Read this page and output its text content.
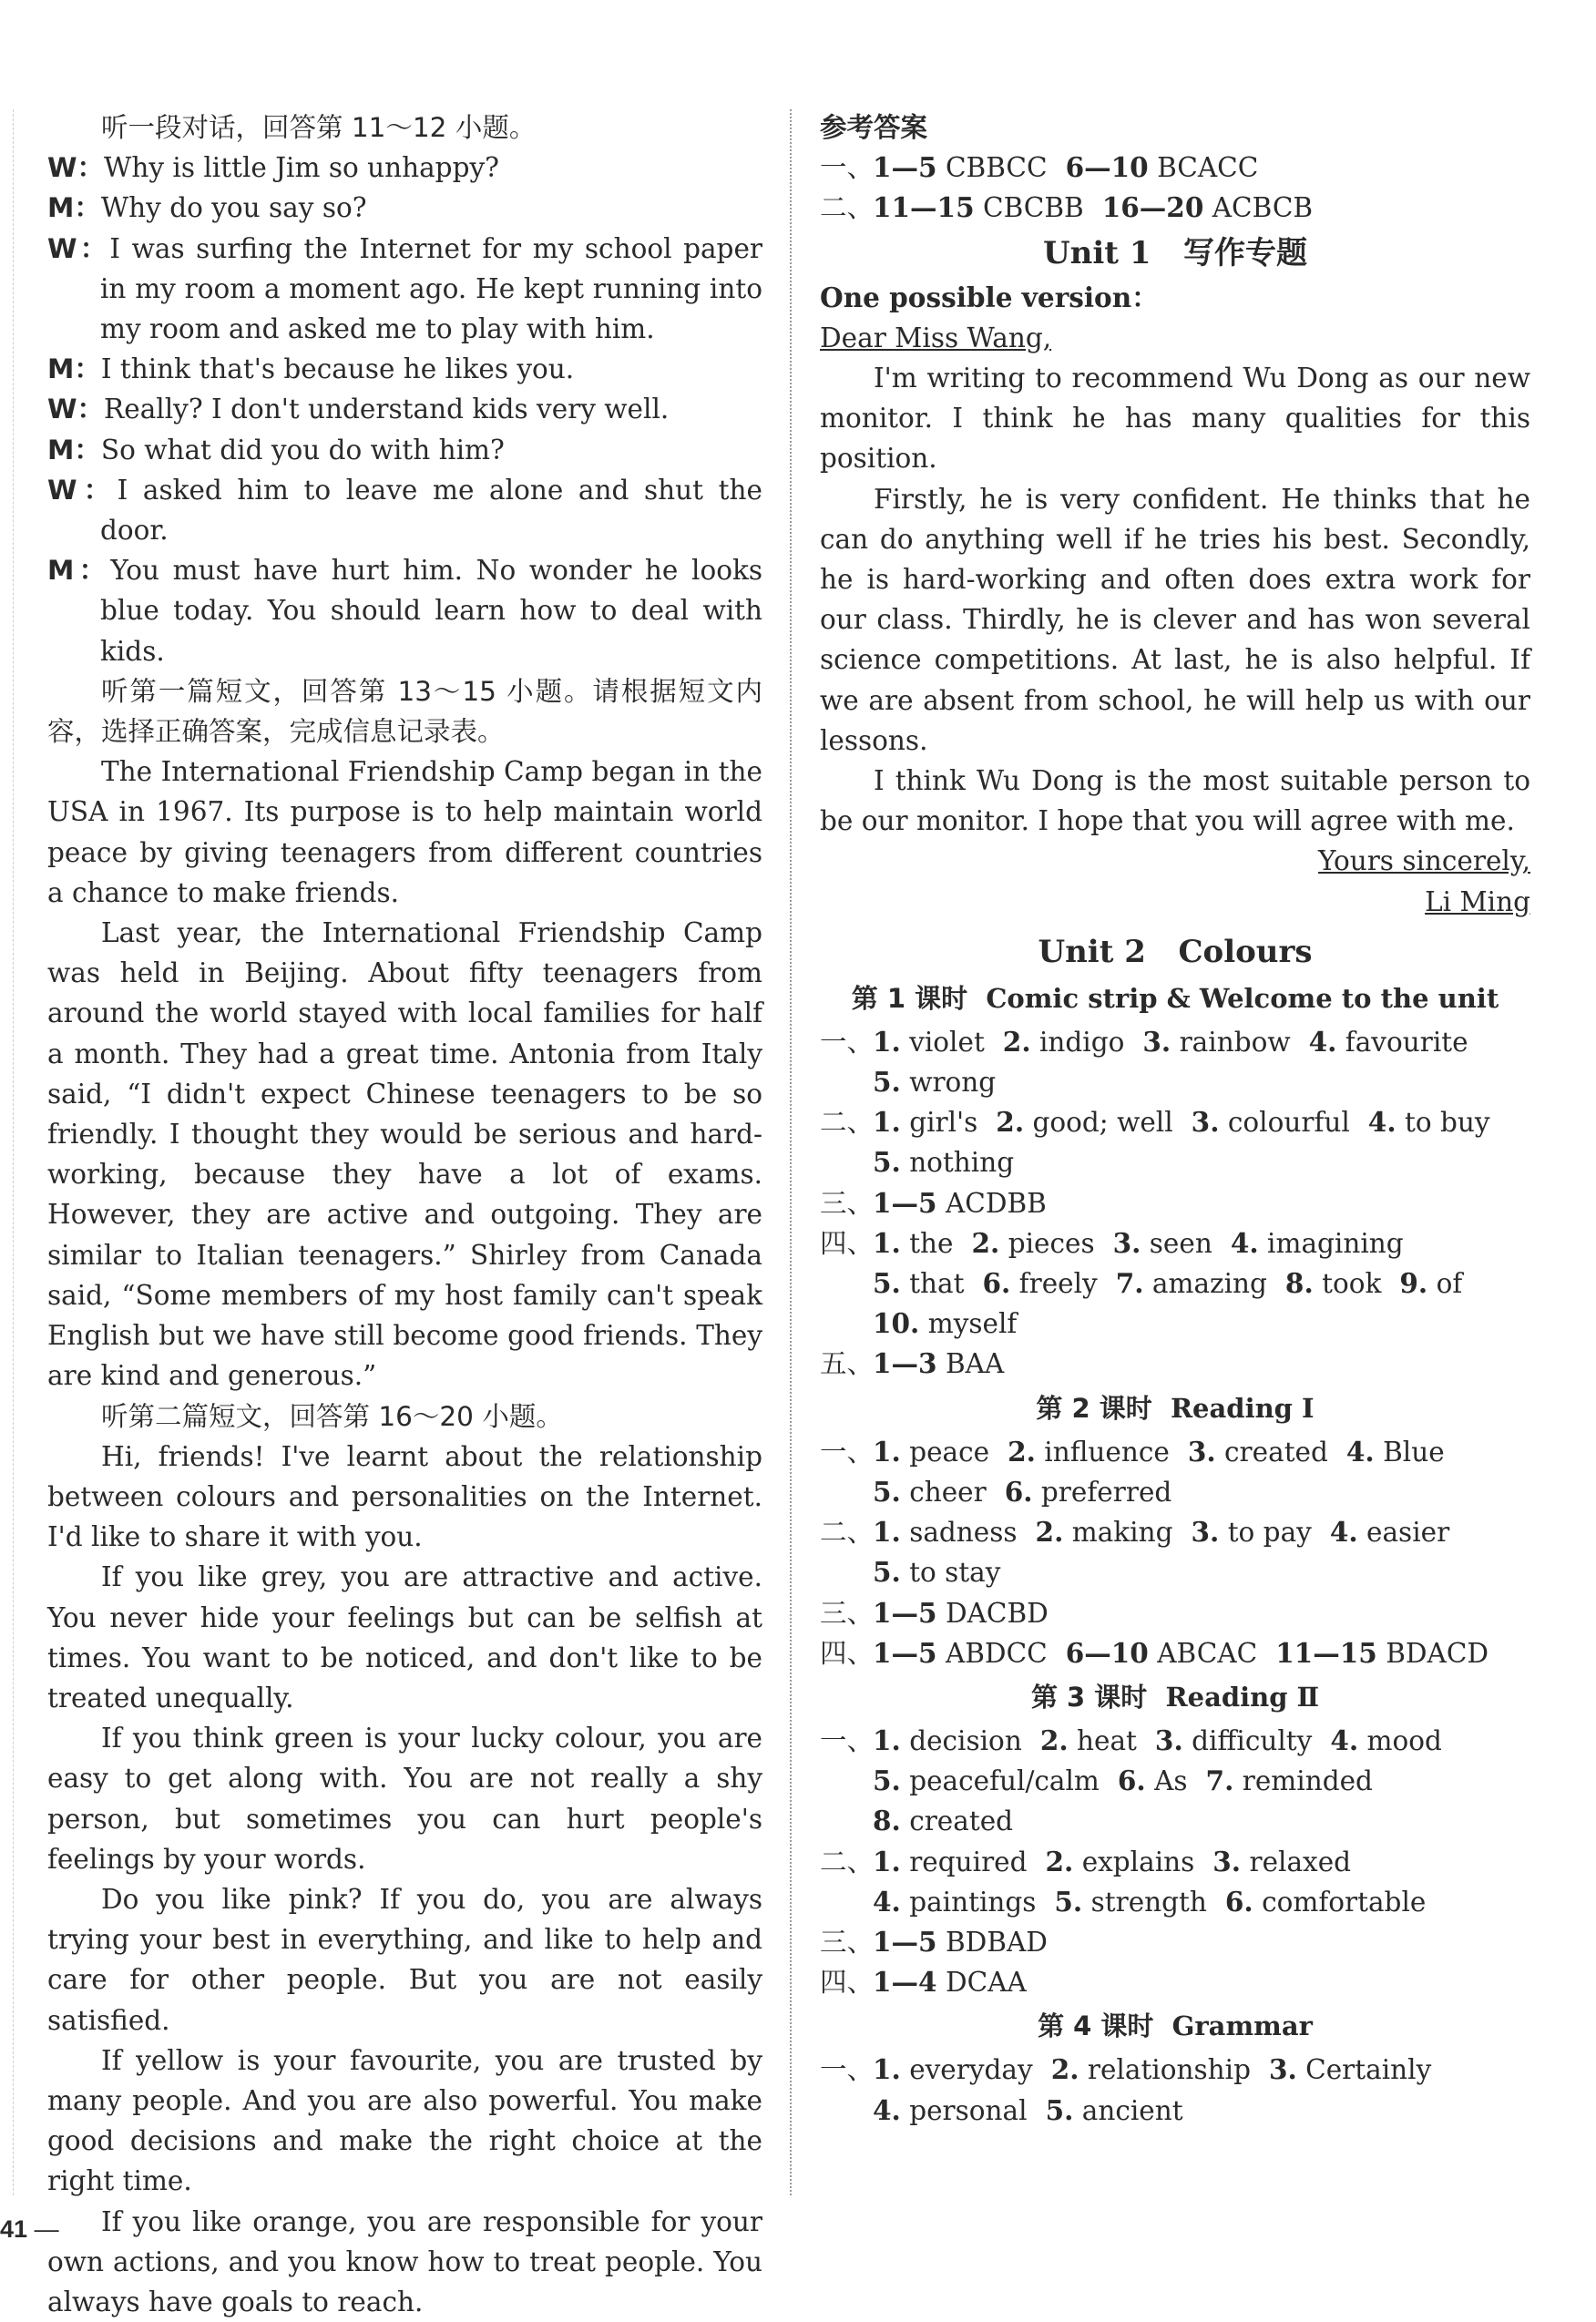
听一段对话，回答第 11～12 小题。

W：Why is little Jim so unhappy?

M：Why do you say so?

W：I was surfing the Internet for my school paper in my room a moment ago. He kept running into my room and asked me to play with him.

M：I think that's because he likes you.

W：Really? I don't understand kids very well.

M：So what did you do with him?

W：I asked him to leave me alone and shut the door.

M：You must have hurt him. No wonder he looks blue today. You should learn how to deal with kids.

听第一篇短文，回答第 13～15 小题。请根据短文内容，选择正确答案，完成信息记录表。

The International Friendship Camp began in the USA in 1967. Its purpose is to help maintain world peace by giving teenagers from different countries a chance to make friends.

Last year, the International Friendship Camp was held in Beijing. About fifty teenagers from around the world stayed with local families for half a month. They had a great time. Antonia from Italy said, “I didn't expect Chinese teenagers to be so friendly. I thought they would be serious and hard-working, because they have a lot of exams. However, they are active and outgoing. They are similar to Italian teenagers.” Shirley from Canada said, “Some members of my host family can't speak English but we have still become good friends. They are kind and generous.”

听第二篇短文，回答第 16～20 小题。

Hi, friends! I've learnt about the relationship between colours and personalities on the Internet. I'd like to share it with you.

If you like grey, you are attractive and active. You never hide your feelings but can be selfish at times. You want to be noticed, and don't like to be treated unequally.

If you think green is your lucky colour, you are easy to get along with. You are not really a shy person, but sometimes you can hurt people's feelings by your words.

Do you like pink? If you do, you are always trying your best in everything, and like to help and care for other people. But you are not easily satisfied.

If yellow is your favourite, you are trusted by many people. And you are also powerful. You make good decisions and make the right choice at the right time.

If you like orange, you are responsible for your own actions, and you know how to treat people. You always have goals to reach.

参考答案

一、
1—5 CBBCC 6—10 BCACC
二、
11—15 CBCBB 16—20 ACBCB
Unit 1 写作专题

One possible version：

Dear Miss Wang,

I'm writing to recommend Wu Dong as our new monitor. I think he has many qualities for this position.

Firstly, he is very confident. He thinks that he can do anything well if he tries his best. Secondly, he is hard-working and often does extra work for our class. Thirdly, he is clever and has won several science competitions. At last, he is also helpful. If we are absent from school, he will help us with our lessons.

I think Wu Dong is the most suitable person to be our monitor. I hope that you will agree with me.

Yours sincerely,

Li Ming

Unit 2 Colours
第 1 课时 Comic strip & Welcome to the unit
一、
1. violet 2. indigo 3. rainbow 4. favourite
5. wrong
二、
1. girl's 2. good; well 3. colourful 4. to buy
5. nothing
三、
1—5 ACDBB
四、
1. the 2. pieces 3. seen 4. imagining
5. that 6. freely 7. amazing 8. took 9. of
10. myself
五、
1—3 BAA
第 2 课时 Reading Ⅰ
一、
1. peace 2. influence 3. created 4. Blue
5. cheer 6. preferred
二、
1. sadness 2. making 3. to pay 4. easier
5. to stay
三、
1—5 DACBD
四、
1—5 ABDCC 6—10 ABCAC 11—15 BDACD
第 3 课时 Reading Ⅱ
一、
1. decision 2. heat 3. difficulty 4. mood
5. peaceful/calm 6. As 7. reminded
8. created
二、
1. required 2. explains 3. relaxed
4. paintings 5. strength 6. comfortable
三、
1—5 BDBAD
四、
1—4 DCAA
第 4 课时 Grammar
一、
1. everyday 2. relationship 3. Certainly
4. personal 5. ancient
41 —
